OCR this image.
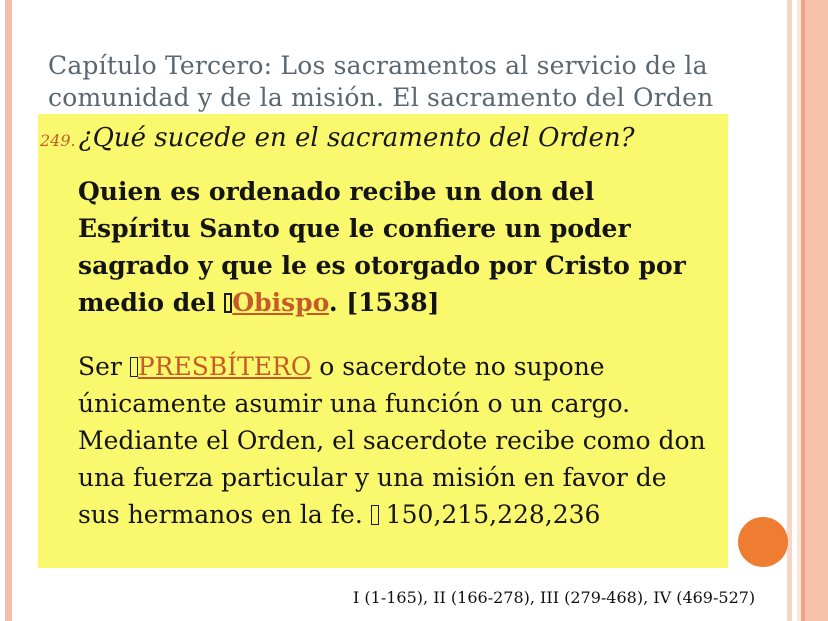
Capítulo Tercero: Los sacramentos al servicio de la
comunidad y de la misión. El sacramento del Orden
249. ¿Qué sucede en el sacramento del Orden?
Quien es ordenado recibe un don del
Espíritu Santo que le confiere un poder
sagrado y que le es otorgado por Cristo por
medio del Obispo. [1538]
Ser PRESBÍTERO o sacerdote no supone
únicamente asumir una función o un cargo.
Mediante el Orden, el sacerdote recibe como don
una fuerza particular y una misión en favor de
sus hermanos en la fe. 150,215,228,236
I (1-165), II (166-278), III (279-468), IV (469-527)
